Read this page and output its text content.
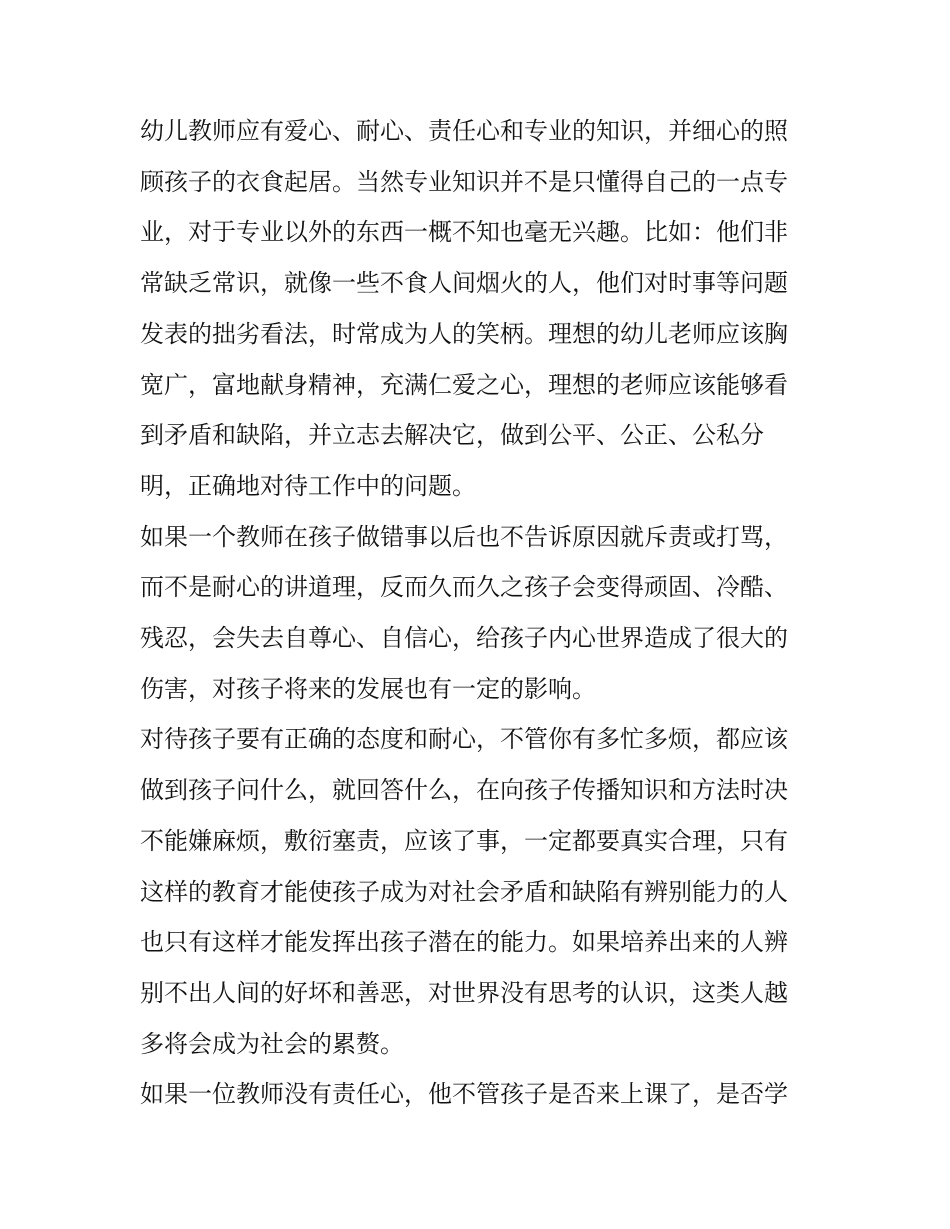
幼儿教师应有爱心、耐心、责任心和专业的知识，并细心的照
顾孩子的衣食起居。当然专业知识并不是只懂得自己的一点专
业，对于专业以外的东西一概不知也毫无兴趣。比如：他们非
常缺乏常识，就像一些不食人间烟火的人，他们对时事等问题
发表的拙劣看法，时常成为人的笑柄。理想的幼儿老师应该胸
宽广，富地献身精神，充满仁爱之心，理想的老师应该能够看
到矛盾和缺陷，并立志去解决它，做到公平、公正、公私分
明，正确地对待工作中的问题。
如果一个教师在孩子做错事以后也不告诉原因就斥责或打骂，
而不是耐心的讲道理，反而久而久之孩子会变得顽固、冷酷、
残忍，会失去自尊心、自信心，给孩子内心世界造成了很大的
伤害，对孩子将来的发展也有一定的影响。
对待孩子要有正确的态度和耐心，不管你有多忙多烦，都应该
做到孩子问什么，就回答什么，在向孩子传播知识和方法时决
不能嫌麻烦，敷衍塞责，应该了事，一定都要真实合理，只有
这样的教育才能使孩子成为对社会矛盾和缺陷有辨别能力的人
也只有这样才能发挥出孩子潜在的能力。如果培养出来的人辨
别不出人间的好坏和善恶，对世界没有思考的认识，这类人越
多将会成为社会的累赘。
如果一位教师没有责任心，他不管孩子是否来上课了，是否学
